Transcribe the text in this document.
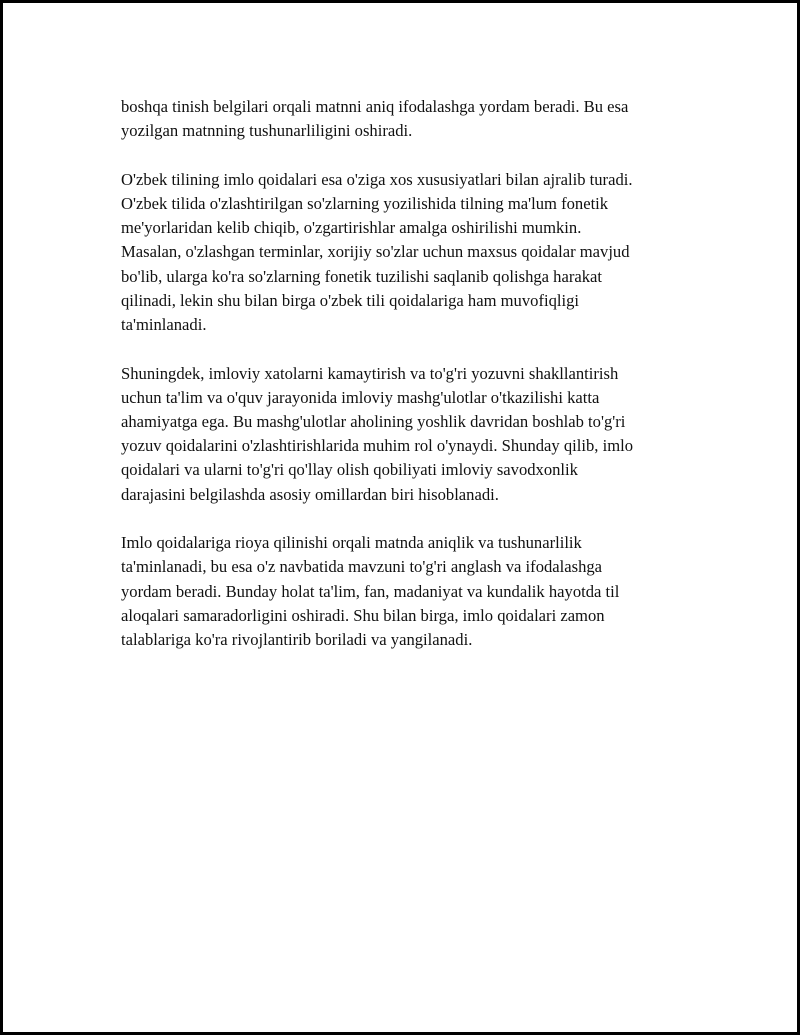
boshqa tinish belgilari orqali matnni aniq ifodalashga yordam beradi. Bu esa
yozilgan matnning tushunarliligini oshiradi.

O'zbek tilining imlo qoidalari esa o'ziga xos xususiyatlari bilan ajralib turadi.
O'zbek tilida o'zlashtirilgan so'zlarning yozilishida tilning ma'lum fonetik
me'yorlaridan kelib chiqib, o'zgartirishlar amalga oshirilishi mumkin.
Masalan, o'zlashgan terminlar, xorijiy so'zlar uchun maxsus qoidalar mavjud
bo'lib, ularga ko'ra so'zlarning fonetik tuzilishi saqlanib qolishga harakat
qilinadi, lekin shu bilan birga o'zbek tili qoidalariga ham muvofiqligi
ta'minlanadi.

Shuningdek, imloviy xatolarni kamaytirish va to'g'ri yozuvni shakllantirish
uchun ta'lim va o'quv jarayonida imloviy mashg'ulotlar o'tkazilishi katta
ahamiyatga ega. Bu mashg'ulotlar aholining yoshlik davridan boshlab to'g'ri
yozuv qoidalarini o'zlashtirishlarida muhim rol o'ynaydi. Shunday qilib, imlo
qoidalari va ularni to'g'ri qo'llay olish qobiliyati imloviy savodxonlik
darajasini belgilashda asosiy omillardan biri hisoblanadi.

Imlo qoidalariga rioya qilinishi orqali matnda aniqlik va tushunarlilik
ta'minlanadi, bu esa o'z navbatida mavzuni to'g'ri anglash va ifodalashga
yordam beradi. Bunday holat ta'lim, fan, madaniyat va kundalik hayotda til
aloqalari samaradorligini oshiradi. Shu bilan birga, imlo qoidalari zamon
talablariga ko'ra rivojlantirib boriladi va yangilanadi.
